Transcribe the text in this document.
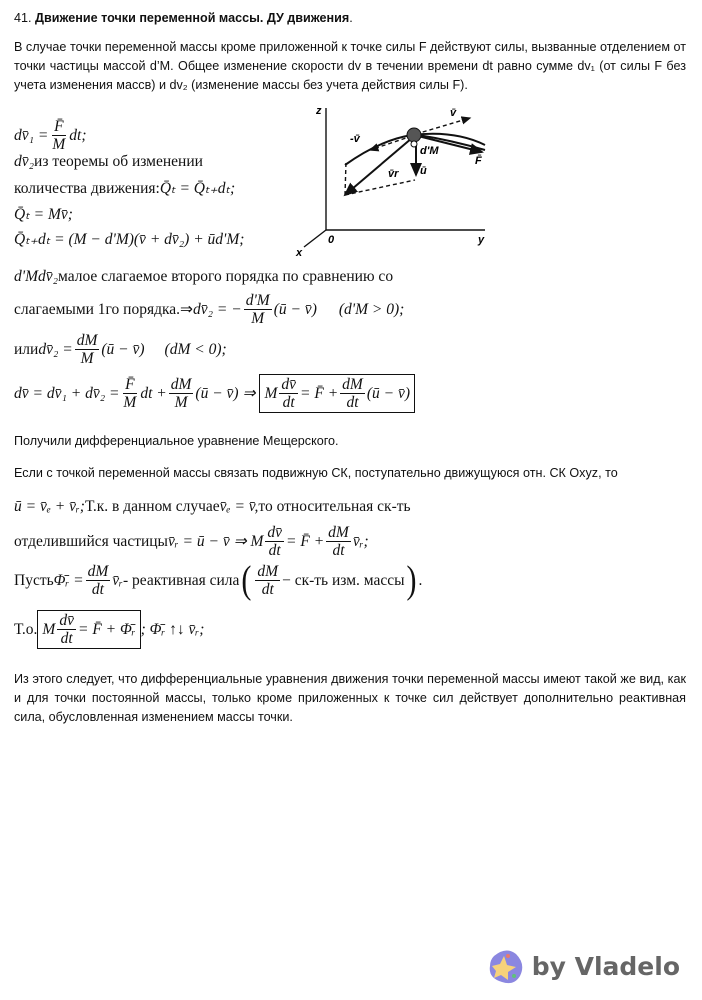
41. Движение точки переменной массы. ДУ движения.
В случае точки переменной массы кроме приложенной к точке силы F действуют силы, вызванные отделением от точки частицы массой d’M. Общее изменение скорости dv в течении времени dt равно сумме dv₁ (от силы F без учета изменения массв) и dv₂ (изменение массы без учета действия силы F).
dv̄₁ = $\frac{F̄}{M}$ dt;
dv̄₂ из теоремы об изменении
количества движения: Q̄ₜ = Q̄ₜ₊dₜ;
Q̄ₜ = Mv̄;
Q̄ₜ₊dₜ = (M − d'M)(v̄ + dv̄₂) + ūd'M;
z
y
x
0
v̄
-v̄
d'M
F̄
v̄r ū
d'Mdv̄₂ малое слагаемое второго порядка по сравнению со
слагаемыми 1го порядка.⇒ dv̄₂ = − $\frac{d'M}{M}$ (ū − v̄) (d'M > 0);
или dv̄₂ = $\frac{dM}{M}$ (ū − v̄) (dM < 0);
dv̄ = dv̄₁ + dv̄₂ = $\frac{F̄}{M}$ dt + $\frac{dM}{M}$ (ū − v̄) ⇒ M $\frac{dv̄}{dt}$ = F̄ + $\frac{dM}{dt}$ (ū − v̄)
Получили дифференциальное уравнение Мещерского.
Если с точкой переменной массы связать подвижную СК, поступательно движущуюся отн. СК Oxyz, то
ū = v̄ₑ + v̄ᵣ; Т.к. в данном случае v̄ₑ = v̄, то относительная ск-ть
отделившийся частицы v̄ᵣ = ū − v̄ ⇒ M $\frac{dv̄}{dt}$ = F̄ + $\frac{dM}{dt}$ v̄ᵣ;
Пусть Φ̄ᵣ = $\frac{dM}{dt}$ v̄ᵣ - реактивная сила ( $\frac{dM}{dt} - ск-ть$ изм. массы ) .
Т.о. M $\frac{dv̄}{dt}$ = F̄ + Φ̄ᵣ ; Φ̄ᵣ ↑↓ v̄ᵣ;
Из этого следует, что дифференциальные уравнения движения точки переменной массы имеют такой же вид, как и для точки постоянной массы, только кроме приложенных к точке сил действует дополнительно реактивная сила, обусловленная изменением массы точки.
by Vladelo
